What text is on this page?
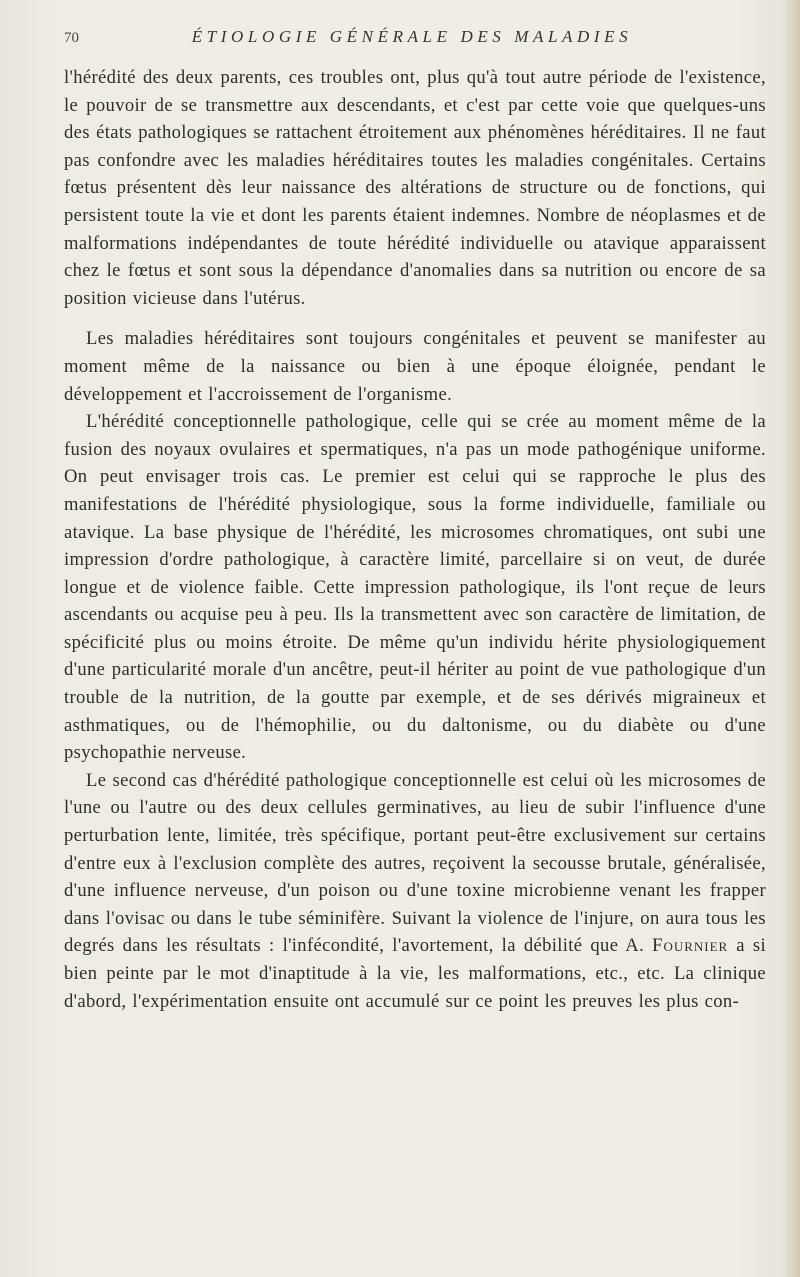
70	ÉTIOLOGIE GÉNÉRALE DES MALADIES

l'hérédité des deux parents, ces troubles ont, plus qu'à tout autre période de l'existence, le pouvoir de se transmettre aux descendants, et c'est par cette voie que quelques-uns des états pathologiques se rattachent étroitement aux phénomènes héréditaires. Il ne faut pas confondre avec les maladies héréditaires toutes les maladies congénitales. Certains fœtus présentent dès leur naissance des altérations de structure ou de fonctions, qui persistent toute la vie et dont les parents étaient indemnes. Nombre de néoplasmes et de malformations indépendantes de toute hérédité individuelle ou atavique apparaissent chez le fœtus et sont sous la dépendance d'anomalies dans sa nutrition ou encore de sa position vicieuse dans l'utérus.

Les maladies héréditaires sont toujours congénitales et peuvent se manifester au moment même de la naissance ou bien à une époque éloignée, pendant le développement et l'accroissement de l'organisme.

L'hérédité conceptionnelle pathologique, celle qui se crée au moment même de la fusion des noyaux ovulaires et spermatiques, n'a pas un mode pathogénique uniforme. On peut envisager trois cas. Le premier est celui qui se rapproche le plus des manifestations de l'hérédité physiologique, sous la forme individuelle, familiale ou atavique. La base physique de l'hérédité, les microsomes chromatiques, ont subi une impression d'ordre pathologique, à caractère limité, parcellaire si on veut, de durée longue et de violence faible. Cette impression pathologique, ils l'ont reçue de leurs ascendants ou acquise peu à peu. Ils la transmettent avec son caractère de limitation, de spécificité plus ou moins étroite. De même qu'un individu hérite physiologiquement d'une particularité morale d'un ancêtre, peut-il hériter au point de vue pathologique d'un trouble de la nutrition, de la goutte par exemple, et de ses dérivés migraineux et asthmatiques, ou de l'hémophilie, ou du daltonisme, ou du diabète ou d'une psychopathie nerveuse.

Le second cas d'hérédité pathologique conceptionnelle est celui où les microsomes de l'une ou l'autre ou des deux cellules germinatives, au lieu de subir l'influence d'une perturbation lente, limitée, très spécifique, portant peut-être exclusivement sur certains d'entre eux à l'exclusion complète des autres, reçoivent la secousse brutale, généralisée, d'une influence nerveuse, d'un poison ou d'une toxine microbienne venant les frapper dans l'ovisac ou dans le tube séminifère. Suivant la violence de l'injure, on aura tous les degrés dans les résultats : l'infécondité, l'avortement, la débilité que A. Fournier a si bien peinte par le mot d'inaptitude à la vie, les malformations, etc., etc. La clinique d'abord, l'expérimentation ensuite ont accumulé sur ce point les preuves les plus con-
